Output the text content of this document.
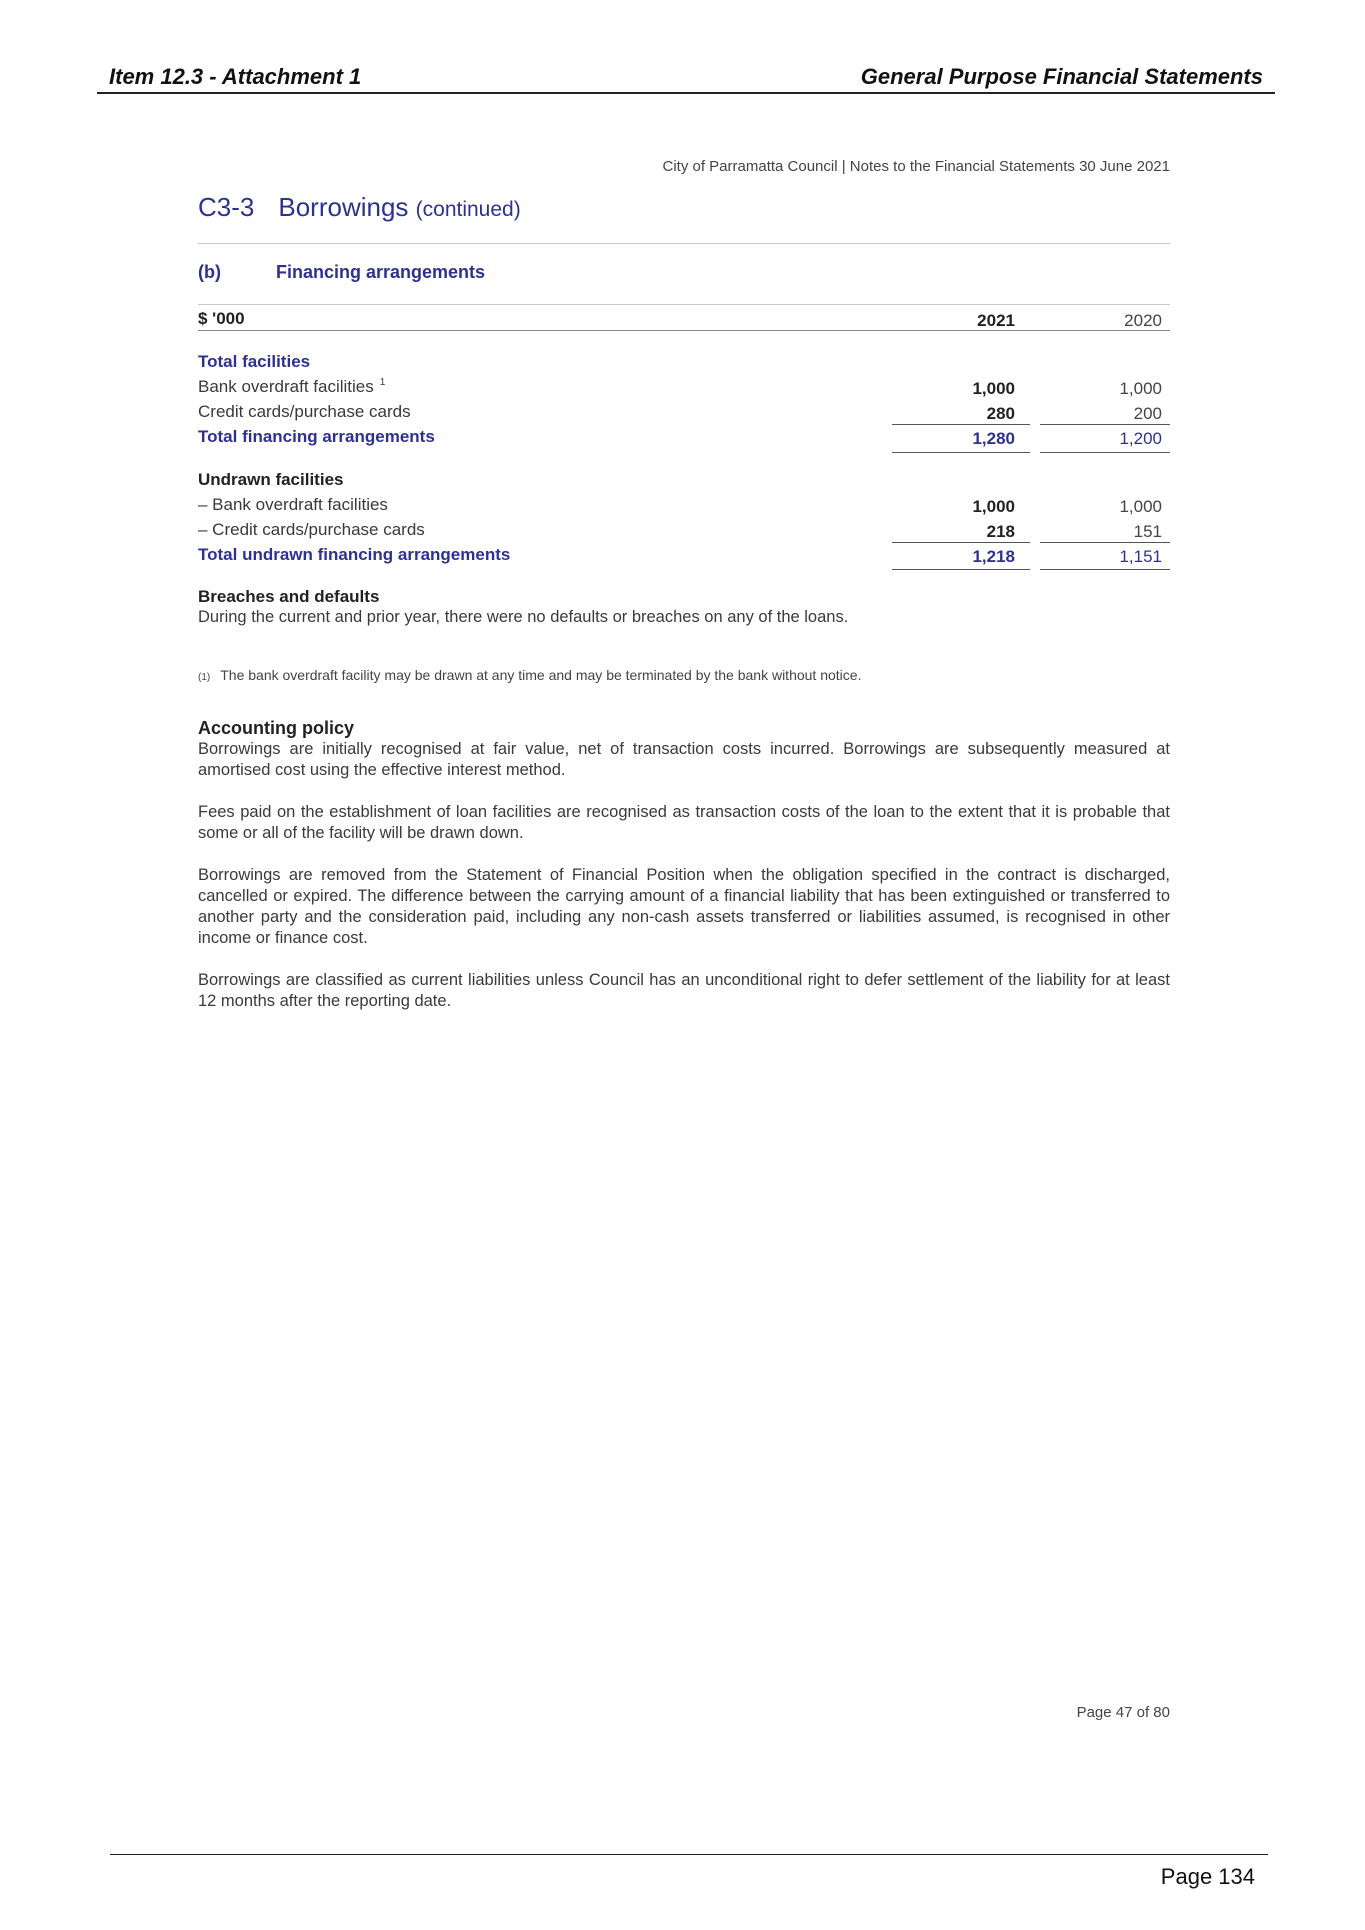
Item 12.3 - Attachment 1	General Purpose Financial Statements
City of Parramatta Council | Notes to the Financial Statements 30 June 2021
C3-3 Borrowings (continued)
(b)	Financing arrangements
$ '000	2021	2020
Total facilities
Bank overdraft facilities $^1$	1,000	1,000
Credit cards/purchase cards	280	200
Total financing arrangements	1,280	1,200
Undrawn facilities
– Bank overdraft facilities	1,000	1,000
– Credit cards/purchase cards	218	151
Total undrawn financing arrangements	1,218	1,151
Breaches and defaults
During the current and prior year, there were no defaults or breaches on any of the loans.
(1) The bank overdraft facility may be drawn at any time and may be terminated by the bank without notice.
Accounting policy
Borrowings are initially recognised at fair value, net of transaction costs incurred. Borrowings are subsequently measured at amortised cost using the effective interest method.
Fees paid on the establishment of loan facilities are recognised as transaction costs of the loan to the extent that it is probable that some or all of the facility will be drawn down.
Borrowings are removed from the Statement of Financial Position when the obligation specified in the contract is discharged, cancelled or expired. The difference between the carrying amount of a financial liability that has been extinguished or transferred to another party and the consideration paid, including any non-cash assets transferred or liabilities assumed, is recognised in other income or finance cost.
Borrowings are classified as current liabilities unless Council has an unconditional right to defer settlement of the liability for at least 12 months after the reporting date.
Page 47 of 80
Page 134
